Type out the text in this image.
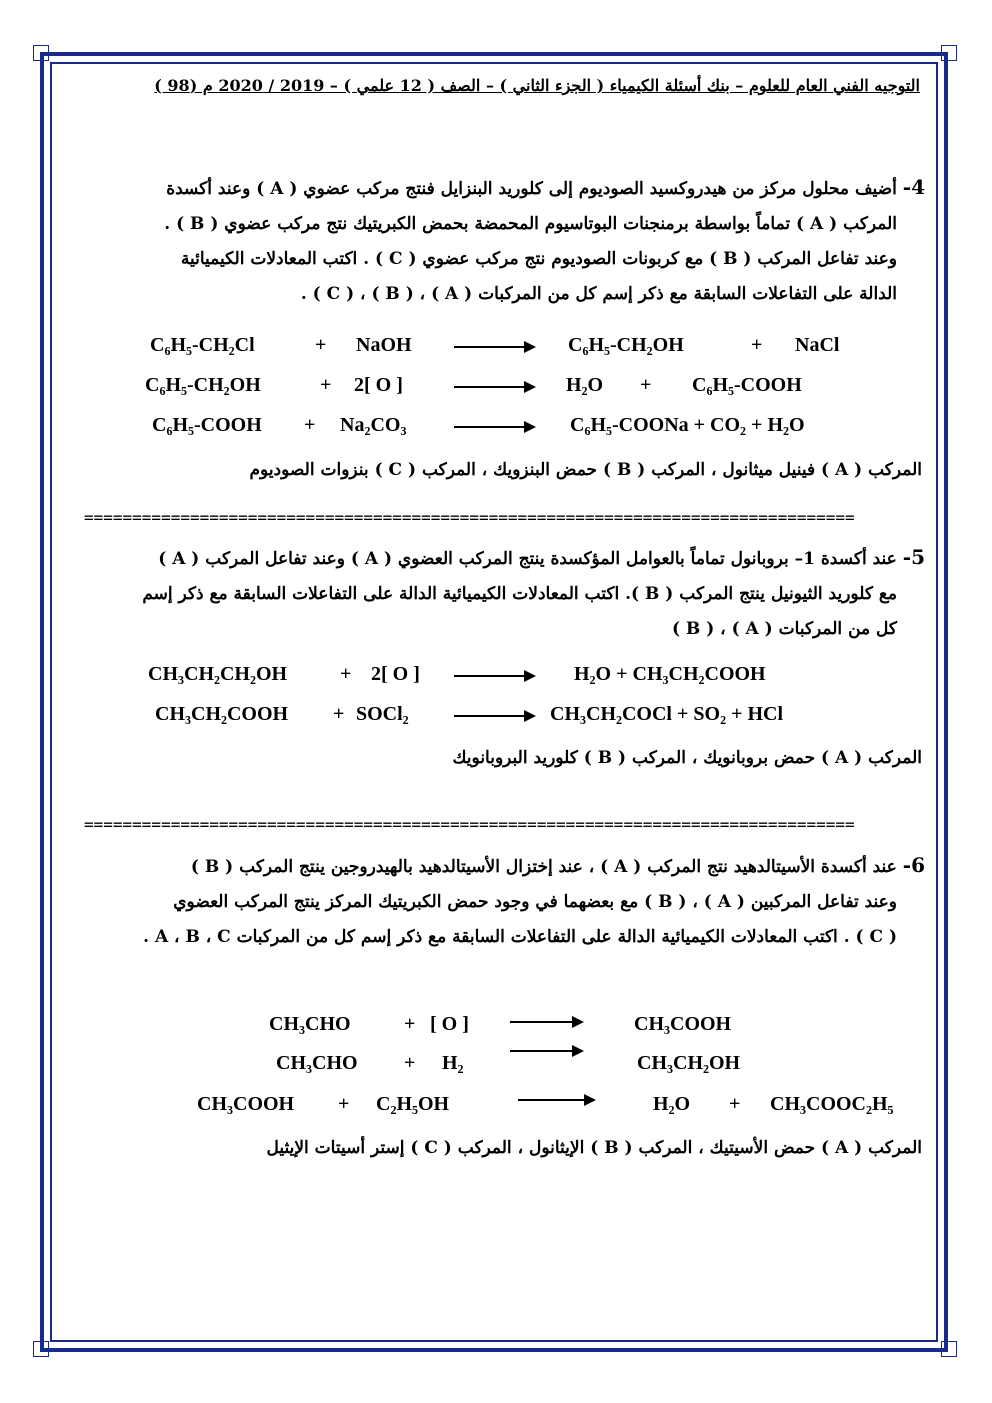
التوجيه الفني العام للعلوم – بنك أسئلة الكيمياء ( الجزء الثاني ) – الصف ( 12 علمي ) – 2019 / 2020 م (98 )
4- أضيف محلول مركز من هيدروكسيد الصوديوم إلى كلوريد البنزايل فنتج مركب عضوي ( A ) وعند أكسدة
المركب ( A ) تماماً بواسطة برمنجنات البوتاسيوم المحمضة بحمض الكبريتيك نتج مركب عضوي ( B ) .
وعند تفاعل المركب ( B ) مع كربونات الصوديوم نتج مركب عضوي ( C ) . اكتب المعادلات الكيميائية
الدالة على التفاعلات السابقة مع ذكر إسم كل من المركبات ( A ) ، ( B ) ، ( C ) .
C₆H₅-CH₂Cl	+ NaOH	C₆H₅-CH₂OH	+ NaCl
C₆H₅-CH₂OH	+ 2[ O ]	H₂O + C₆H₅-COOH
C₆H₅-COOH + Na₂CO₃	C₆H₅-COONa + CO₂ + H₂O
المركب ( A ) فينيل ميثانول ، المركب ( B ) حمض البنزويك ، المركب ( C ) بنزوات الصوديوم
================================================================================
5- عند أكسدة 1– بروبانول تماماً بالعوامل المؤكسدة ينتج المركب العضوي ( A ) وعند تفاعل المركب ( A )
مع كلوريد الثيونيل ينتج المركب ( B ). اكتب المعادلات الكيميائية الدالة على التفاعلات السابقة مع ذكر إسم
كل من المركبات ( A ) ، ( B )
CH₃CH₂CH₂OH	+ 2[ O ]	H₂O + CH₃CH₂COOH
CH₃CH₂COOH + SOCl₂	CH₃CH₂COCl + SO₂ + HCl
المركب ( A ) حمض بروبانويك ، المركب ( B ) كلوريد البروبانويك
================================================================================
6- عند أكسدة الأسيتالدهيد نتج المركب ( A ) ، عند إختزال الأسيتالدهيد بالهيدروجين ينتج المركب ( B )
وعند تفاعل المركبين ( A ) ، ( B ) مع بعضهما في وجود حمض الكبريتيك المركز ينتج المركب العضوي
( C ) . اكتب المعادلات الكيميائية الدالة على التفاعلات السابقة مع ذكر إسم كل من المركبات A ، B ، C .
CH₃CHO	+ [ O ]	CH₃COOH
CH₃CHO + H₂	CH₃CH₂OH
CH₃COOH + C₂H₅OH	H₂O + CH₃COOC₂H₅
المركب ( A ) حمض الأسيتيك ، المركب ( B ) الإيثانول ، المركب ( C ) إستر أسيتات الإيثيل
